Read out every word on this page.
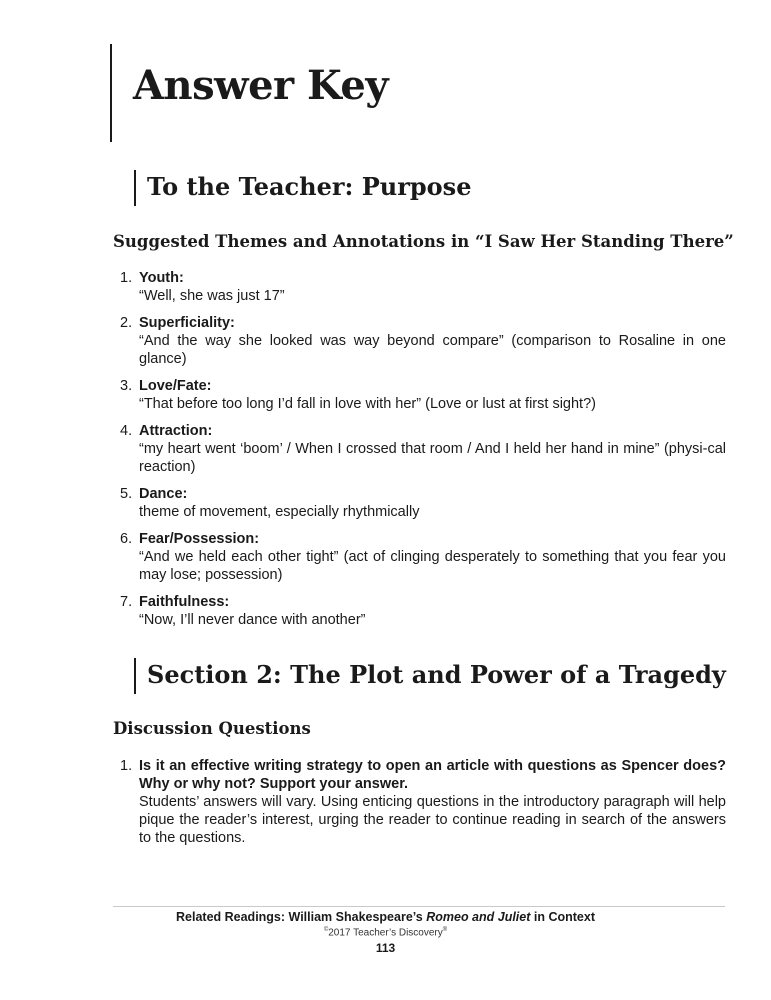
Answer Key
To the Teacher: Purpose
Suggested Themes and Annotations in “I Saw Her Standing There”
1. Youth:
“Well, she was just 17”
2. Superficiality:
“And the way she looked was way beyond compare” (comparison to Rosaline in one glance)
3. Love/Fate:
“That before too long I’d fall in love with her” (Love or lust at first sight?)
4. Attraction:
“my heart went ‘boom’ / When I crossed that room / And I held her hand in mine” (physi-cal reaction)
5. Dance:
theme of movement, especially rhythmically
6. Fear/Possession:
“And we held each other tight” (act of clinging desperately to something that you fear you may lose; possession)
7. Faithfulness:
“Now, I’ll never dance with another”
Section 2: The Plot and Power of a Tragedy
Discussion Questions
1. Is it an effective writing strategy to open an article with questions as Spencer does? Why or why not? Support your answer.
Students’ answers will vary. Using enticing questions in the introductory paragraph will help pique the reader’s interest, urging the reader to continue reading in search of the answers to the questions.
Related Readings: William Shakespeare’s Romeo and Juliet in Context
©2017 Teacher’s Discovery®
113
